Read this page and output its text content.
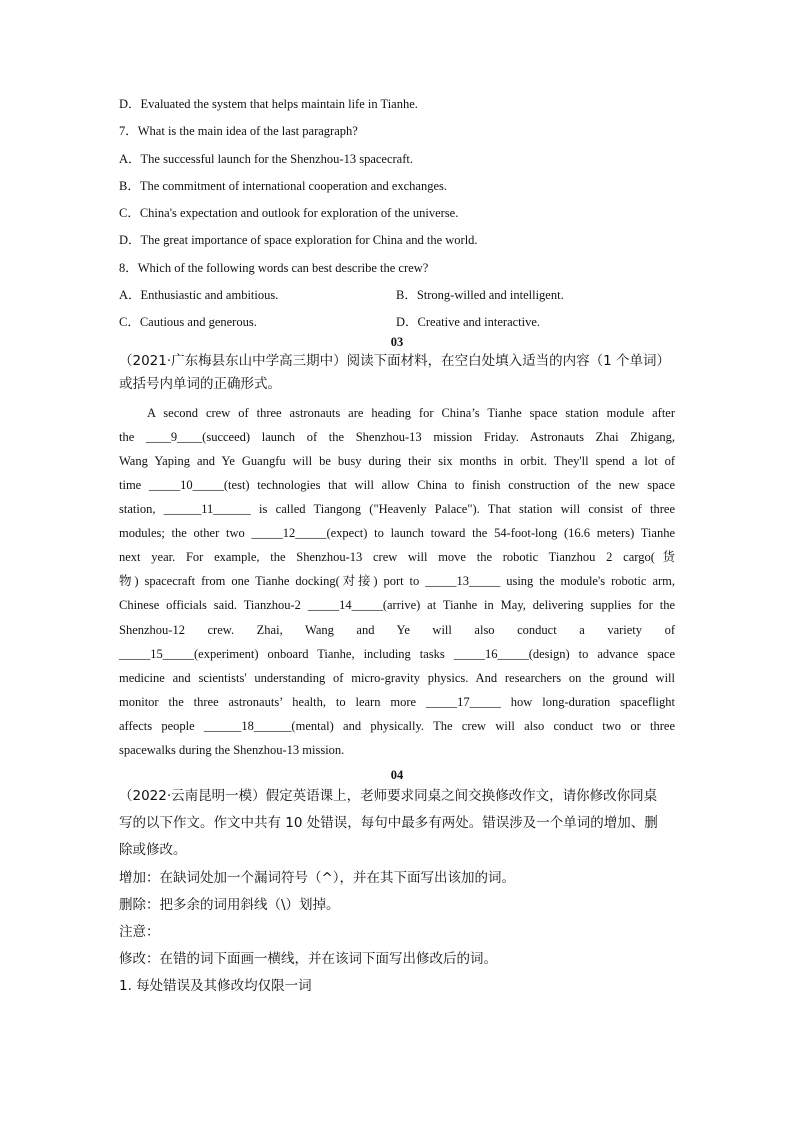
D．Evaluated the system that helps maintain life in Tianhe.
7．What is the main idea of the last paragraph?
A．The successful launch for the Shenzhou-13 spacecraft.
B．The commitment of international cooperation and exchanges.
C．China's expectation and outlook for exploration of the universe.
D．The great importance of space exploration for China and the world.
8．Which of the following words can best describe the crew?
A．Enthusiastic and ambitious.	B．Strong-willed and intelligent.
C．Cautious and generous.	D．Creative and interactive.
03
（2021·广东梅县东山中学高三期中）阅读下面材料，在空白处填入适当的内容（1 个单词）
或括号内单词的正确形式。
A second crew of three astronauts are heading for China’s Tianhe space station module after
the ____9____(succeed) launch of the Shenzhou-13 mission Friday. Astronauts Zhai Zhigang,
Wang Yaping and Ye Guangfu will be busy during their six months in orbit. They'll spend a lot of
time _____10_____(test) technologies that will allow China to finish construction of the new space
station, ______11______ is called Tiangong ("Heavenly Palace"). That station will consist of three
modules; the other two _____12_____(expect) to launch toward the 54-foot-long (16.6 meters) Tianhe
next year. For example, the Shenzhou-13 crew will move the robotic Tianzhou 2 cargo(货
物) spacecraft from one Tianhe docking(对接) port to _____13_____ using the module's robotic arm,
Chinese officials said. Tianzhou-2 _____14_____(arrive) at Tianhe in May, delivering supplies for the
Shenzhou-12 crew. Zhai, Wang and Ye will also conduct a variety of
_____15_____(experiment) onboard Tianhe, including tasks _____16_____(design) to advance space
medicine and scientists' understanding of micro-gravity physics. And researchers on the ground will
monitor the three astronauts’ health, to learn more _____17_____ how long-duration spaceflight
affects people ______18______(mental) and physically. The crew will also conduct two or three
spacewalks during the Shenzhou-13 mission.
04
（2022·云南昆明一模）假定英语课上，老师要求同桌之间交换修改作文，请你修改你同桌
写的以下作文。作文中共有 10 处错误，每句中最多有两处。错误涉及一个单词的增加、删
除或修改。
增加：在缺词处加一个漏词符号（^），并在其下面写出该加的词。
删除：把多余的词用斜线（\）划掉。
注意：
修改：在错的词下面画一横线，并在该词下面写出修改后的词。
1. 每处错误及其修改均仅限一词
